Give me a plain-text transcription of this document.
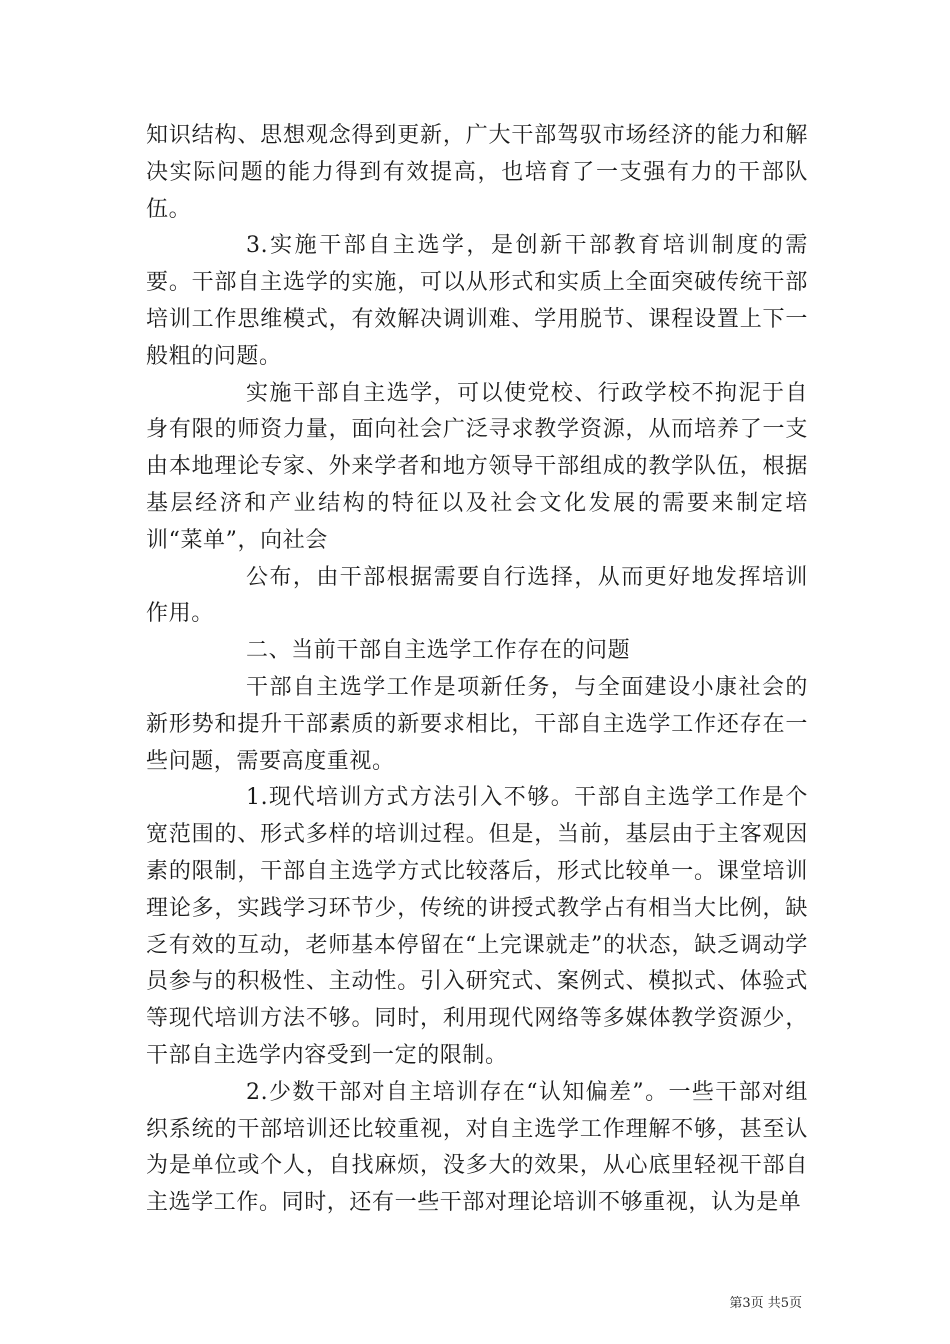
知识结构、思想观念得到更新，广大干部驾驭市场经济的能力和解决实际问题的能力得到有效提高，也培育了一支强有力的干部队伍。

3.实施干部自主选学，是创新干部教育培训制度的需要。干部自主选学的实施，可以从形式和实质上全面突破传统干部培训工作思维模式，有效解决调训难、学用脱节、课程设置上下一般粗的问题。

实施干部自主选学，可以使党校、行政学校不拘泥于自身有限的师资力量，面向社会广泛寻求教学资源，从而培养了一支由本地理论专家、外来学者和地方领导干部组成的教学队伍，根据基层经济和产业结构的特征以及社会文化发展的需要来制定培训“菜单”，向社会

公布，由干部根据需要自行选择，从而更好地发挥培训作用。

二、当前干部自主选学工作存在的问题

干部自主选学工作是项新任务，与全面建设小康社会的新形势和提升干部素质的新要求相比，干部自主选学工作还存在一些问题，需要高度重视。

1.现代培训方式方法引入不够。干部自主选学工作是个宽范围的、形式多样的培训过程。但是，当前，基层由于主客观因素的限制，干部自主选学方式比较落后，形式比较单一。课堂培训理论多，实践学习环节少，传统的讲授式教学占有相当大比例，缺乏有效的互动，老师基本停留在“上完课就走”的状态，缺乏调动学员参与的积极性、主动性。引入研究式、案例式、模拟式、体验式等现代培训方法不够。同时，利用现代网络等多媒体教学资源少，干部自主选学内容受到一定的限制。

2.少数干部对自主培训存在“认知偏差”。一些干部对组织系统的干部培训还比较重视，对自主选学工作理解不够，甚至认为是单位或个人，自找麻烦，没多大的效果，从心底里轻视干部自主选学工作。同时，还有一些干部对理论培训不够重视，认为是单

第3页 共5页
